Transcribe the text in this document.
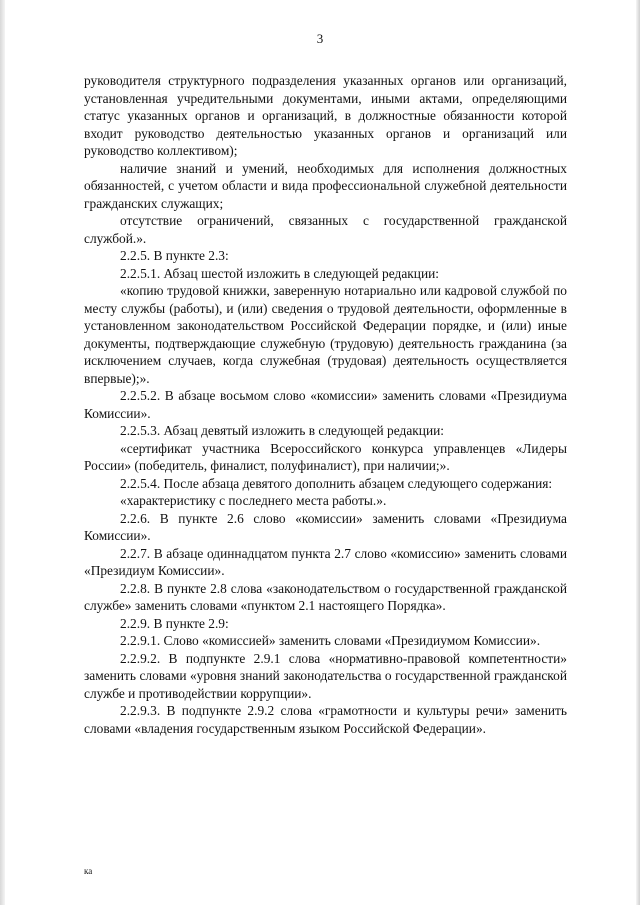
3

руководителя структурного подразделения указанных органов или организаций, установленная учредительными документами, иными актами, определяющими статус указанных органов и организаций, в должностные обязанности которой входит руководство деятельностью указанных органов и организаций или руководство коллективом);

наличие знаний и умений, необходимых для исполнения должностных обязанностей, с учетом области и вида профессиональной служебной деятельности гражданских служащих;

отсутствие ограничений, связанных с государственной гражданской службой.».

2.2.5. В пункте 2.3:

2.2.5.1. Абзац шестой изложить в следующей редакции:

«копию трудовой книжки, заверенную нотариально или кадровой службой по месту службы (работы), и (или) сведения о трудовой деятельности, оформленные в установленном законодательством Российской Федерации порядке, и (или) иные документы, подтверждающие служебную (трудовую) деятельность гражданина (за исключением случаев, когда служебная (трудовая) деятельность осуществляется впервые);».

2.2.5.2. В абзаце восьмом слово «комиссии» заменить словами «Президиума Комиссии».

2.2.5.3. Абзац девятый изложить в следующей редакции:

«сертификат участника Всероссийского конкурса управленцев «Лидеры России» (победитель, финалист, полуфиналист), при наличии;».

2.2.5.4. После абзаца девятого дополнить абзацем следующего содержания:

«характеристику с последнего места работы.».

2.2.6. В пункте 2.6 слово «комиссии» заменить словами «Президиума Комиссии».

2.2.7. В абзаце одиннадцатом пункта 2.7 слово «комиссию» заменить словами «Президиум Комиссии».

2.2.8. В пункте 2.8 слова «законодательством о государственной гражданской службе» заменить словами «пунктом 2.1 настоящего Порядка».

2.2.9. В пункте 2.9:

2.2.9.1. Слово «комиссией» заменить словами «Президиумом Комиссии».

2.2.9.2. В подпункте 2.9.1 слова «нормативно-правовой компетентности» заменить словами «уровня знаний законодательства о государственной гражданской службе и противодействии коррупции».

2.2.9.3. В подпункте 2.9.2 слова «грамотности и культуры речи» заменить словами «владения государственным языком Российской Федерации».

ка
